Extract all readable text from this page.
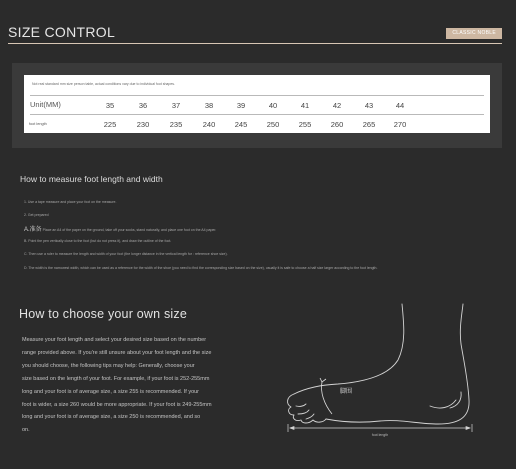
SIZE CONTROL	CLASSIC NOBLE
Not real standard mm size person table, actual conditions vary due to individual foot shapes.
Unit(MM)	35	36	37	38	39	40	41	42	43	44
foot length	225	230	235	240	245	250	255	260	265	270
How to measure foot length and width
1. Use a tape measure and place your foot on the measure.
2. Get prepared
A.准备 Place an A4 of the paper on the ground, take off your socks, stand naturally, and place one foot on the A4 paper.
B. Point the pen vertically close to the foot (but do not press it), and draw the outline of the foot.
C. Then use a ruler to measure the length and width of your foot (the longer distance in the vertical length for : reference shoe size).
D. The width is the narrowest width, which can be used as a reference for the width of the shoe (you need to find the corresponding size based on the size), usually it is safe to choose a half size larger according to the foot length.
How to choose your own size
Measure your foot length and select your desired size based on the number
range provided above. If you're still unsure about your foot length and the size
you should choose, the following tips may help: Generally, choose your
size based on the length of your foot. For example, if your foot is 252-255mm
long and your foot is of average size, a size 255 is recommended. If your
foot is wider, a size 260 would be more appropriate. If your foot is 249-255mm
long and your foot is of average size, a size 250 is recommended, and so
on.
脚围
foot length
